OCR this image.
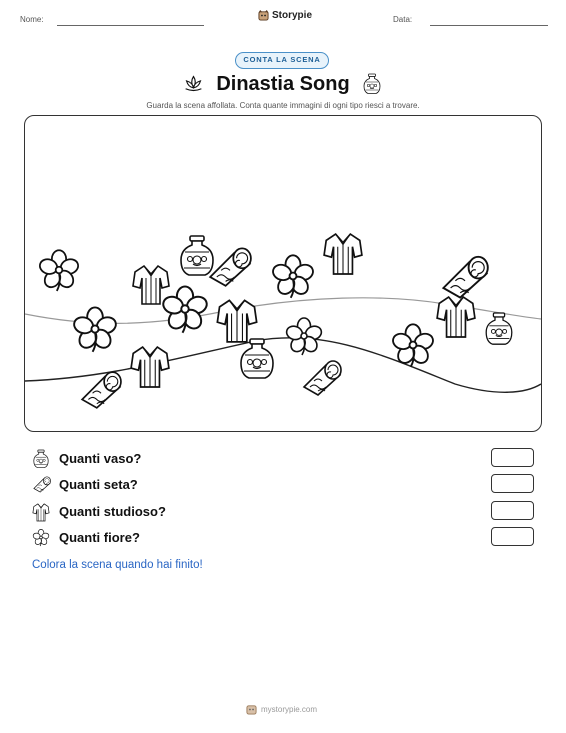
Nome:	Storypie	Data:
CONTA LA SCENA
Dinastia Song
Guarda la scena affollata. Conta quante immagini di ogni tipo riesci a trovare.
Quanti vaso?
Quanti seta?
Quanti studioso?
Quanti fiore?
Colora la scena quando hai finito!
mystorypie.com
